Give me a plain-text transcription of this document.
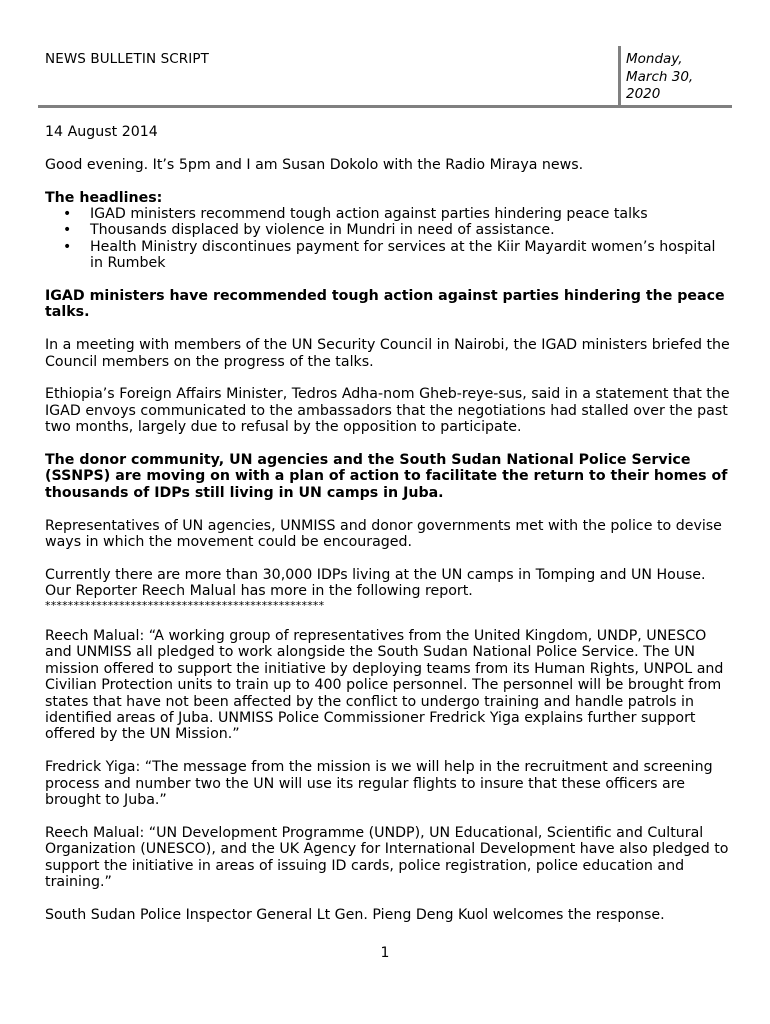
NEWS BULLETIN SCRIPT	Monday,
March 30,
2020

14 August 2014

Good evening. It’s 5pm and I am Susan Dokolo with the Radio Miraya news.

The headlines:

• IGAD ministers recommend tough action against parties hindering peace talks
• Thousands displaced by violence in Mundri in need of assistance.
• Health Ministry discontinues payment for services at the Kiir Mayardit women’s hospital in Rumbek

IGAD ministers have recommended tough action against parties hindering the peace talks.

In a meeting with members of the UN Security Council in Nairobi, the IGAD ministers briefed the Council members on the progress of the talks.

Ethiopia’s Foreign Affairs Minister, Tedros Adha-nom Gheb-reye-sus, said in a statement that the IGAD envoys communicated to the ambassadors that the negotiations had stalled over the past two months, largely due to refusal by the opposition to participate.

The donor community, UN agencies and the South Sudan National Police Service (SSNPS) are moving on with a plan of action to facilitate the return to their homes of thousands of IDPs still living in UN camps in Juba.

Representatives of UN agencies, UNMISS and donor governments met with the police to devise ways in which the movement could be encouraged.

Currently there are more than 30,000 IDPs living at the UN camps in Tomping and UN House. Our Reporter Reech Malual has more in the following report.

*************************************************

Reech Malual: “A working group of representatives from the United Kingdom, UNDP, UNESCO and UNMISS all pledged to work alongside the South Sudan National Police Service. The UN mission offered to support the initiative by deploying teams from its Human Rights, UNPOL and Civilian Protection units to train up to 400 police personnel. The personnel will be brought from states that have not been affected by the conflict to undergo training and handle patrols in identified areas of Juba. UNMISS Police Commissioner Fredrick Yiga explains further support offered by the UN Mission.”

Fredrick Yiga: “The message from the mission is we will help in the recruitment and screening process and number two the UN will use its regular flights to insure that these officers are brought to Juba.”

Reech Malual: “UN Development Programme (UNDP), UN Educational, Scientific and Cultural Organization (UNESCO), and the UK Agency for International Development have also pledged to support the initiative in areas of issuing ID cards, police registration, police education and training.”

South Sudan Police Inspector General Lt Gen. Pieng Deng Kuol welcomes the response.

1
